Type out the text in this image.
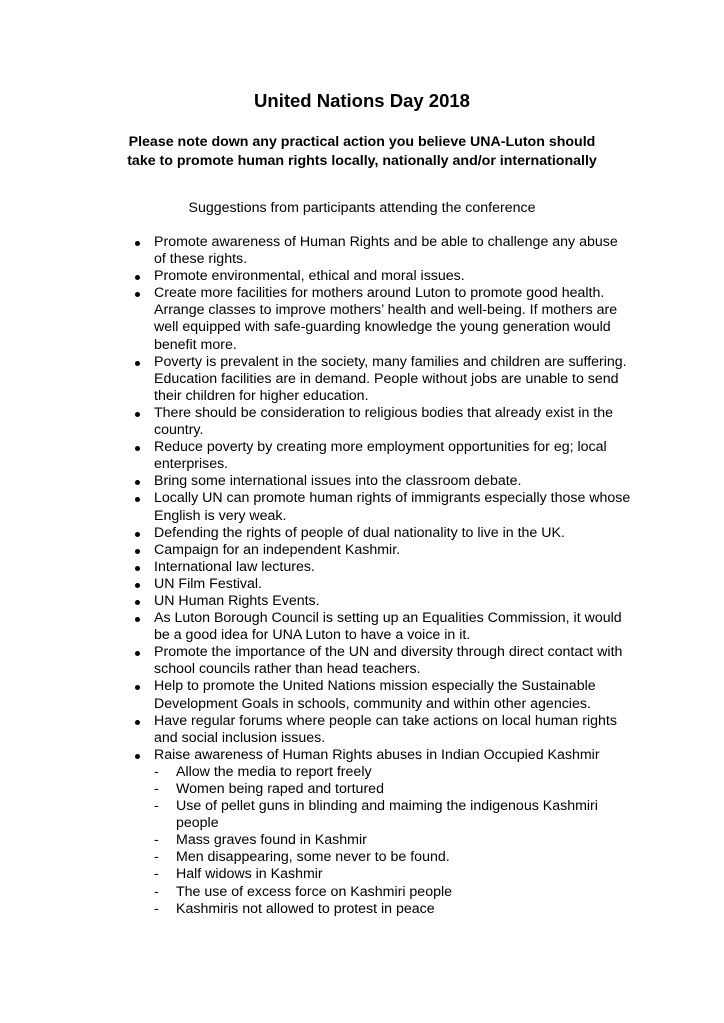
United Nations Day 2018
Please note down any practical action you believe UNA-Luton should
take to promote human rights locally, nationally and/or internationally
Suggestions from participants attending the conference
Promote awareness of Human Rights and be able to challenge any abuse of these rights.
Promote environmental, ethical and moral issues.
Create more facilities for mothers around Luton to promote good health. Arrange classes to improve mothers’ health and well-being. If mothers are well equipped with safe-guarding knowledge the young generation would benefit more.
Poverty is prevalent in the society, many families and children are suffering. Education facilities are in demand. People without jobs are unable to send their children for higher education.
There should be consideration to religious bodies that already exist in the country.
Reduce poverty by creating more employment opportunities for eg; local enterprises.
Bring some international issues into the classroom debate.
Locally UN can promote human rights of immigrants especially those whose English is very weak.
Defending the rights of people of dual nationality to live in the UK.
Campaign for an independent Kashmir.
International law lectures.
UN Film Festival.
UN Human Rights Events.
As Luton Borough Council is setting up an Equalities Commission, it would be a good idea for UNA Luton to have a voice in it.
Promote the importance of the UN and diversity through direct contact with school councils rather than head teachers.
Help to promote the United Nations mission especially the Sustainable Development Goals in schools, community and within other agencies.
Have regular forums where people can take actions on local human rights and social inclusion issues.
Raise awareness of Human Rights abuses in Indian Occupied Kashmir
-	Allow the media to report freely
-	Women being raped and tortured
-	Use of pellet guns in blinding and maiming the indigenous Kashmiri people
-	Mass graves found in Kashmir
-	Men disappearing, some never to be found.
-	Half widows in Kashmir
-	The use of excess force on Kashmiri people
-	Kashmiris not allowed to protest in peace
